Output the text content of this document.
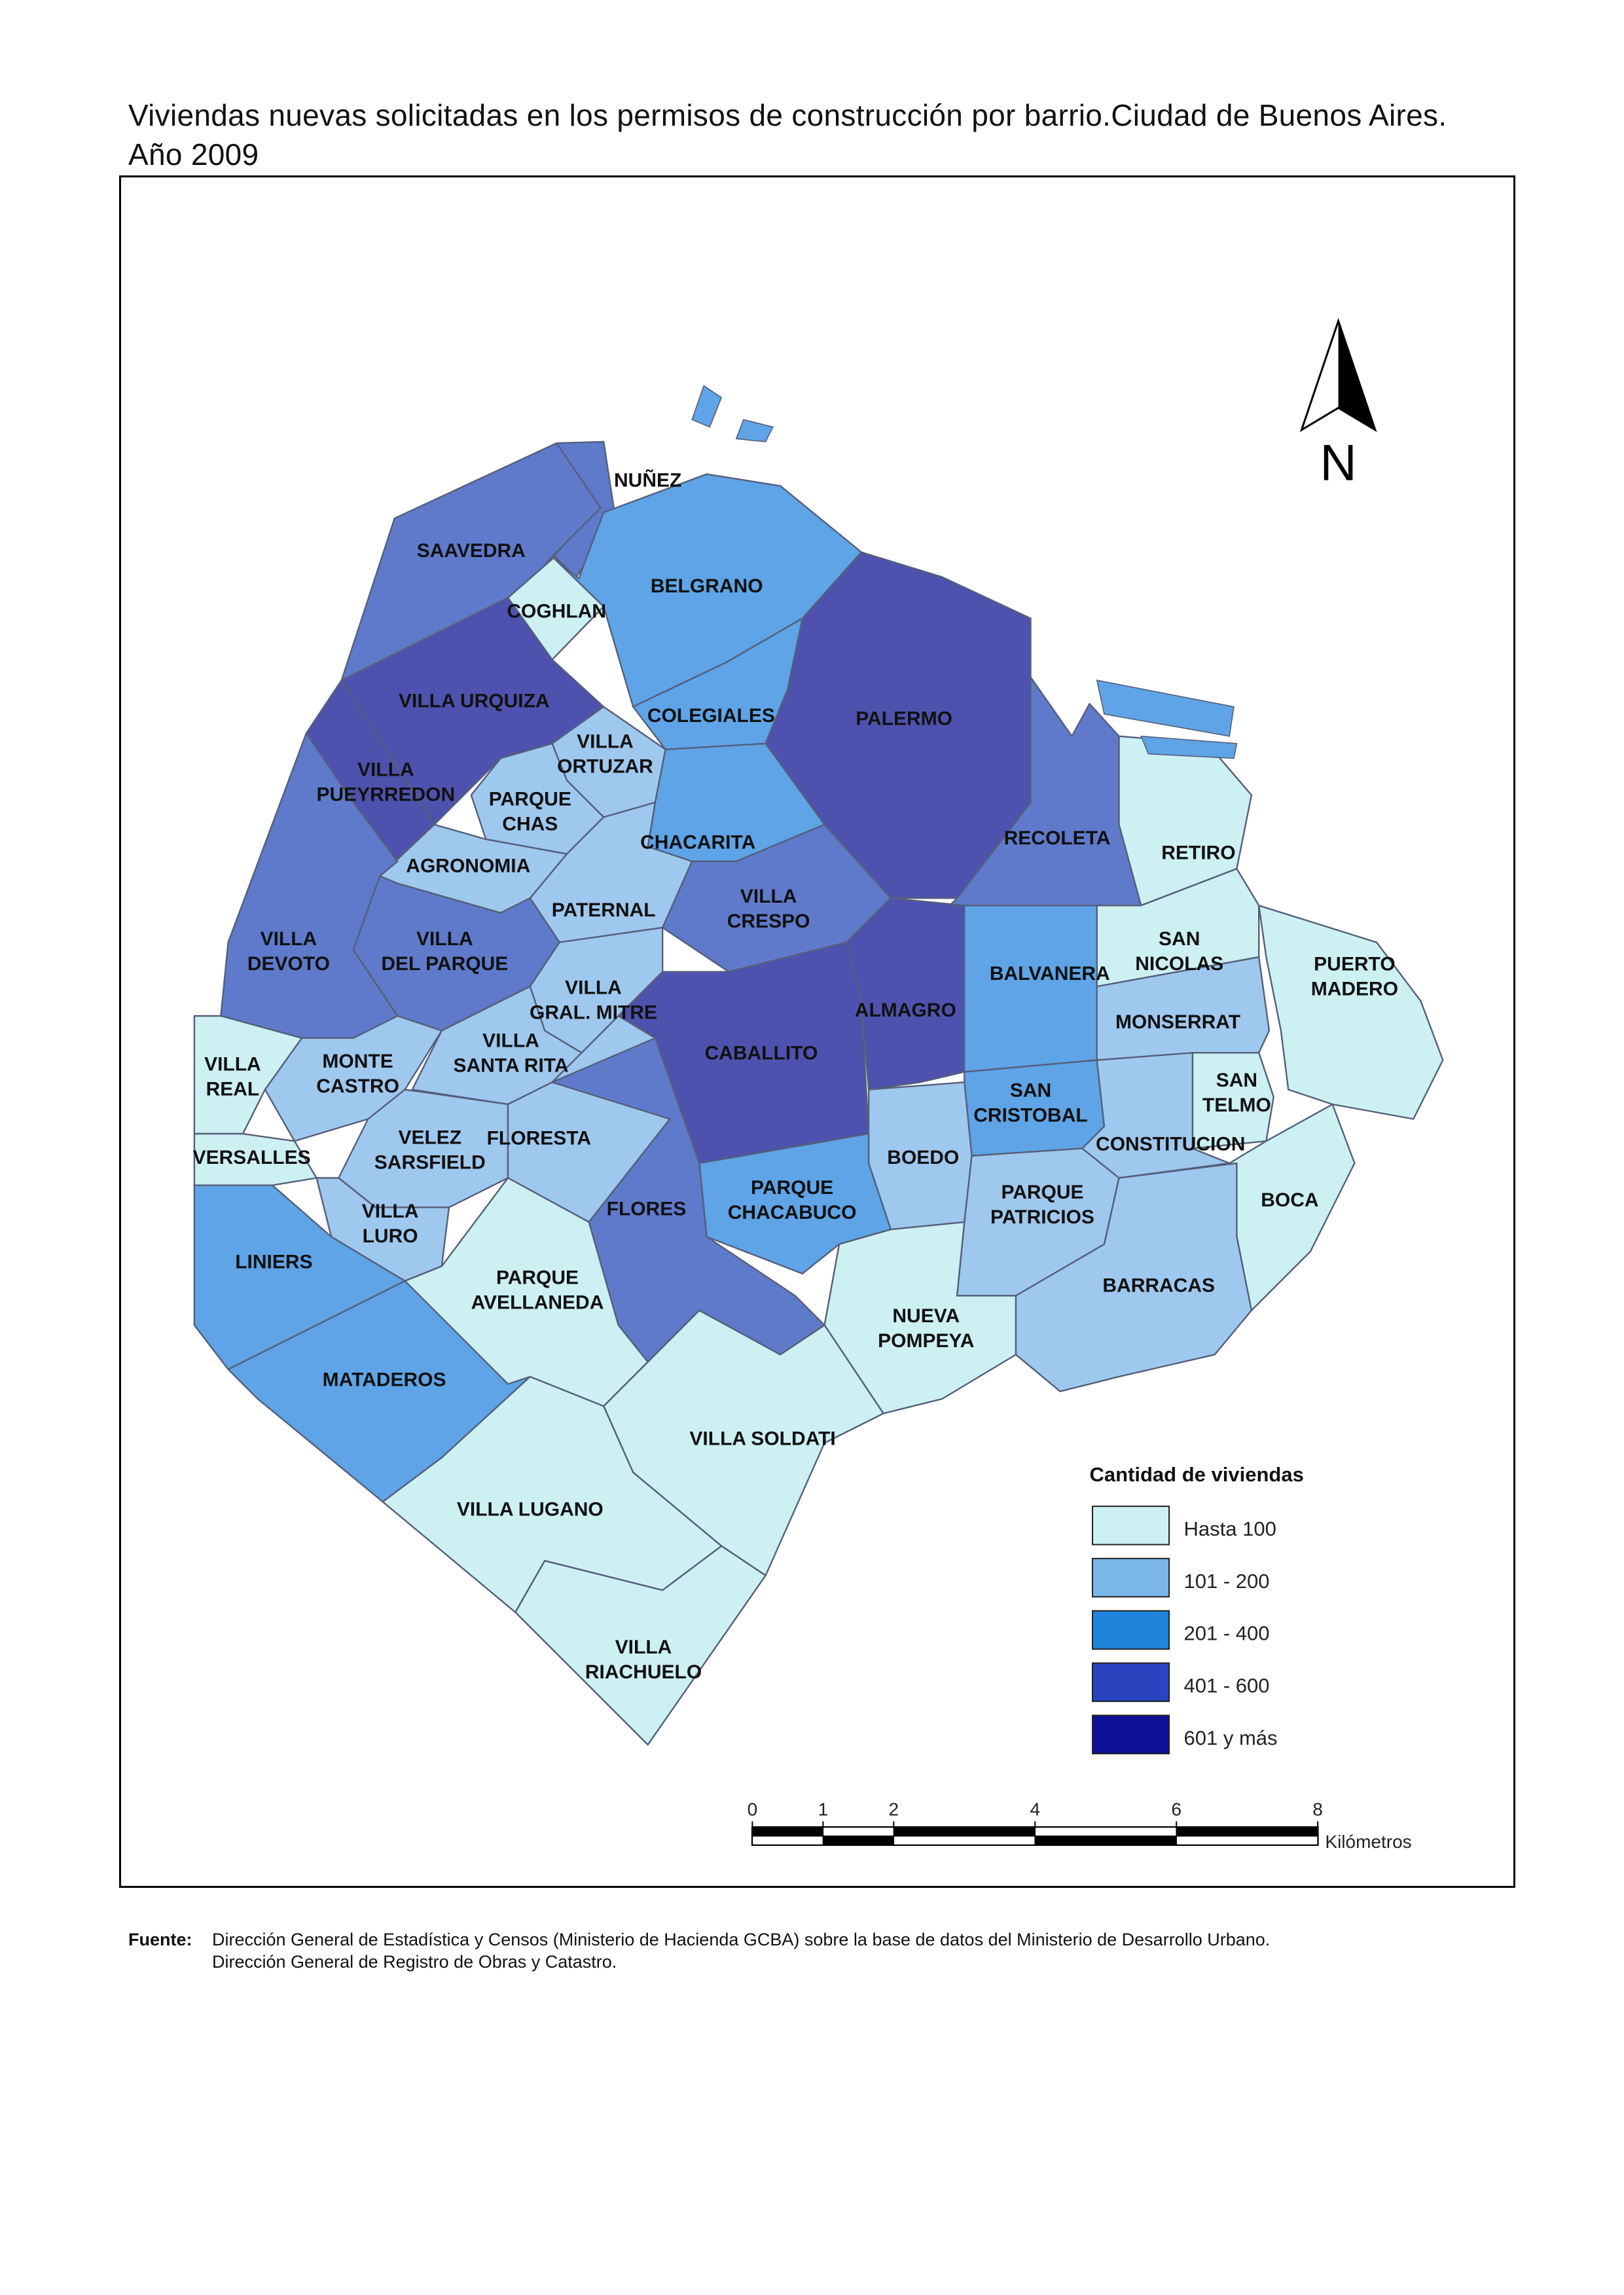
Viviendas nuevas solicitadas en los permisos de construcción por barrio.Ciudad de Buenos Aires.
Año 2009
NUÑEZ
SAAVEDRA
COGHLAN
BELGRANO
VILLA URQUIZA
COLEGIALES	PALERMO
VILLA ORTUZAR
VILLA PUEYRREDON PARQUE CHAS
CHACARITA	RECOLETA
RETIRO
AGRONOMIA
PATERNAL
VILLA CRESPO
VILLA DEVOTO
VILLA DEL PARQUE
SAN NICOLAS	PUERTO MADERO
BALVANERA
VILLA GRAL. MITRE	ALMAGRO
MONSERRAT
VILLA REAL
MONTE CASTRO
VILLA SANTA RITA
CABALLITO
SAN CRISTOBAL
SAN TELMO
VERSALLES
VELEZ SARSFIELD
FLORESTA
BOEDO
CONSTITUCION
VILLA LURO
FLORES
PARQUE CHACABUCO
PARQUE PATRICIOS
BOCA
LINIERS
PARQUE AVELLANEDA
NUEVA POMPEYA
BARRACAS
MATADEROS
VILLA SOLDATI
VILLA LUGANO
VILLA RIACHUELO
N
Cantidad de viviendas
Hasta 100
101 - 200
201 - 400
401 - 600
601 y más
0	1	2	4	6	8
Kilómetros
Fuente: Dirección General de Estadística y Censos (Ministerio de Hacienda GCBA) sobre la base de datos del Ministerio de Desarrollo Urbano.
Dirección General de Registro de Obras y Catastro.
